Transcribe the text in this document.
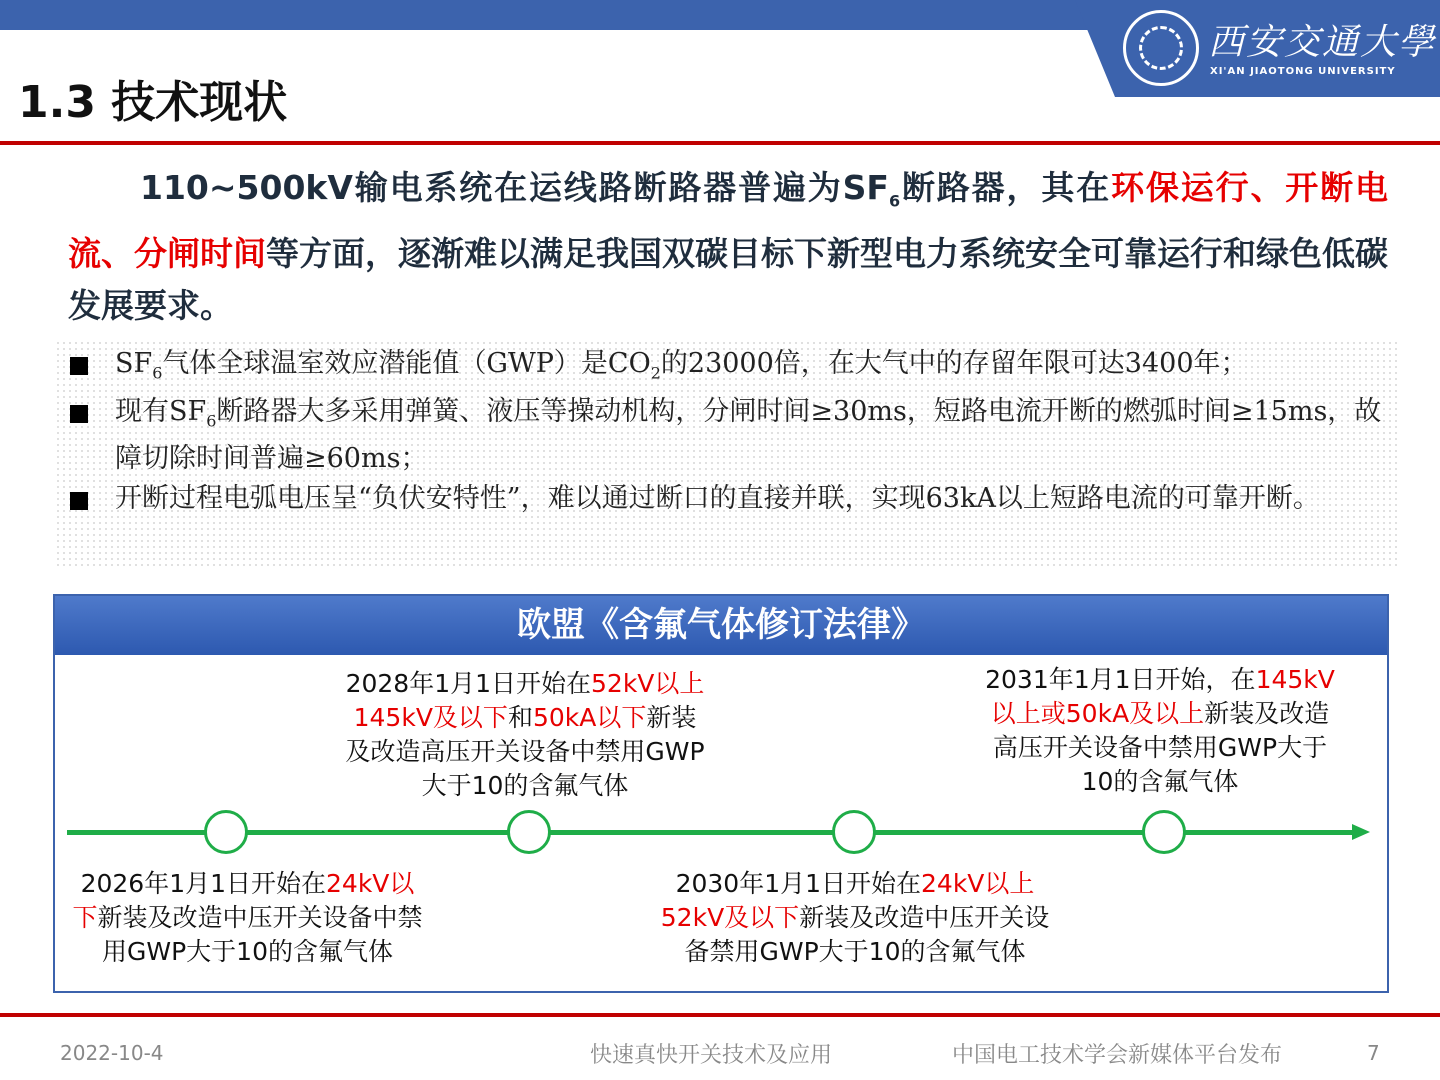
西安交通大學
XI'AN JIAOTONG UNIVERSITY
1.3 技术现状
110~500kV输电系统在运线路断路器普遍为$SF_6$断路器，其在环保运行、开断电流、分闸时间等方面，逐渐难以满足我国双碳目标下新型电力系统安全可靠运行和绿色低碳发展要求。
$SF_6$气体全球温室效应潜能值（GWP）是$CO_2$的23000倍，在大气中的存留年限可达3400年；
现有$SF_6$断路器大多采用弹簧、液压等操动机构，分闸时间≥30ms，短路电流开断的燃弧时间≥15ms，故障切除时间普遍≥60ms；
开断过程电弧电压呈“负伏安特性”，难以通过断口的直接并联，实现63kA以上短路电流的可靠开断。
欧盟《含氟气体修订法律》
2026年1月1日开始在24kV以下新装及改造中压开关设备中禁用GWP大于10的含氟气体
2028年1月1日开始在52kV以上145kV及以下和50kA以下新装及改造高压开关设备中禁用GWP大于10的含氟气体
2030年1月1日开始在24kV以上52kV及以下新装及改造中压开关设备禁用GWP大于10的含氟气体
2031年1月1日开始，在145kV以上或50kA及以上新装及改造高压开关设备中禁用GWP大于10的含氟气体
2022-10-4	快速真快开关技术及应用	中国电工技术学会新媒体平台发布	7
